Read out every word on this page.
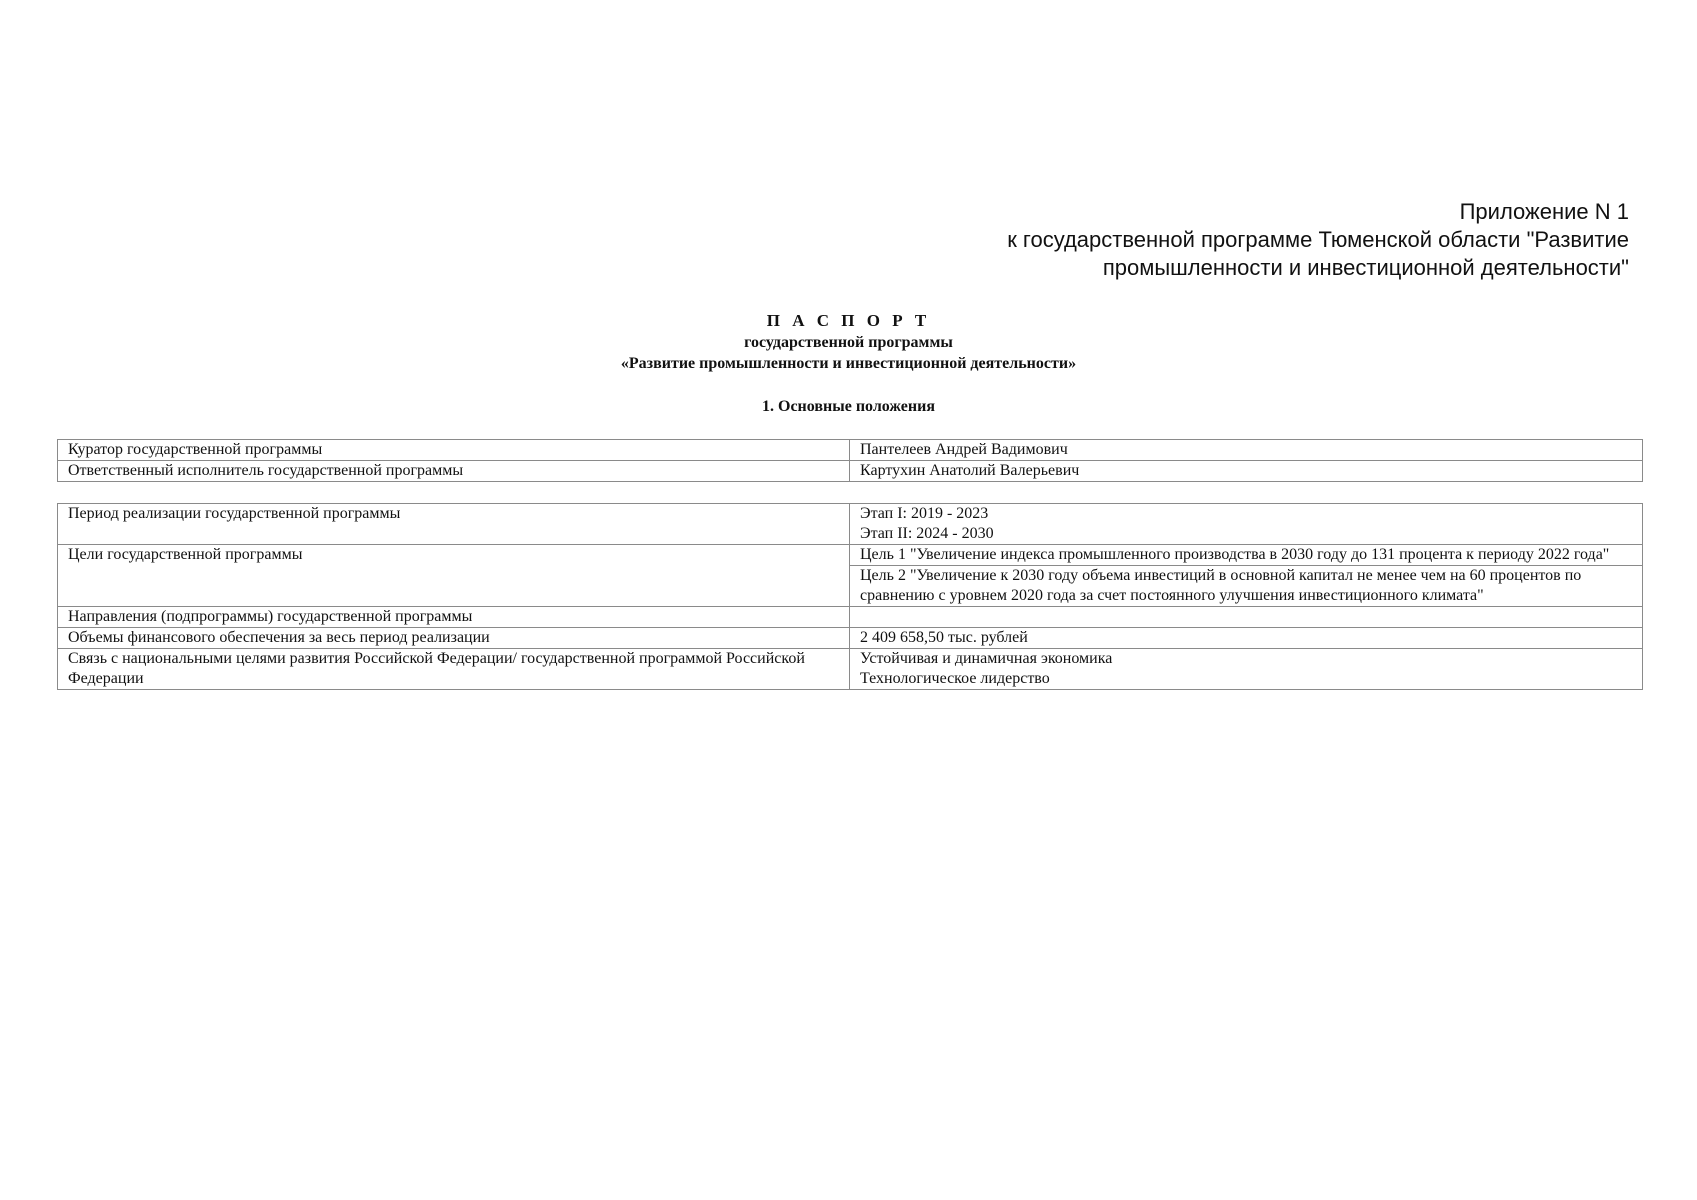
Приложение N 1
к государственной программе Тюменской области "Развитие
промышленности и инвестиционной деятельности"
П А С П О Р Т
государственной программы
«Развитие промышленности и инвестиционной деятельности»
1. Основные положения
Куратор государственной программы	Пантелеев Андрей Вадимович
Ответственный исполнитель государственной программы	Картухин Анатолий Валерьевич
Период реализации государственной программы	Этап I: 2019 - 2023
Этап II: 2024 - 2030

Цели государственной программы	Цель 1 "Увеличение индекса промышленного производства в 2030 году до 131 процента к периоду 2022 года"
	Цель 2 "Увеличение к 2030 году объема инвестиций в основной капитал не менее чем на 60 процентов по сравнению с уровнем 2020 года за счет постоянного улучшения инвестиционного климата"
Направления (подпрограммы) государственной программы	
Объемы финансового обеспечения за весь период реализации	2 409 658,50 тыс. рублей
Связь с национальными целями развития Российской Федерации/ государственной программой Российской Федерации	Устойчивая и динамичная экономика
Технологическое лидерство
